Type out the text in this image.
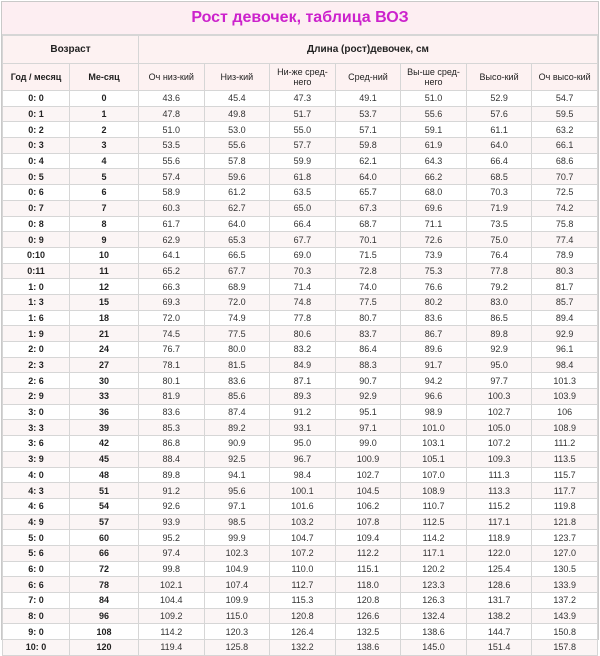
Рост девочек, таблица ВОЗ
Возраст		Длина (рост)девочек, см						
Год / месяц	Ме-сяц	Оч низ-кий	Низ-кий	Ни-же сред-него	Сред-ний	Вы-ше сред-него	Высо-кий	Оч высо-кий
0: 0	0	43.6	45.4	47.3	49.1	51.0	52.9	54.7
0: 1	1	47.8	49.8	51.7	53.7	55.6	57.6	59.5
0: 2	2	51.0	53.0	55.0	57.1	59.1	61.1	63.2
0: 3	3	53.5	55.6	57.7	59.8	61.9	64.0	66.1
0: 4	4	55.6	57.8	59.9	62.1	64.3	66.4	68.6
0: 5	5	57.4	59.6	61.8	64.0	66.2	68.5	70.7
0: 6	6	58.9	61.2	63.5	65.7	68.0	70.3	72.5
0: 7	7	60.3	62.7	65.0	67.3	69.6	71.9	74.2
0: 8	8	61.7	64.0	66.4	68.7	71.1	73.5	75.8
0: 9	9	62.9	65.3	67.7	70.1	72.6	75.0	77.4
0:10	10	64.1	66.5	69.0	71.5	73.9	76.4	78.9
0:11	11	65.2	67.7	70.3	72.8	75.3	77.8	80.3
1: 0	12	66.3	68.9	71.4	74.0	76.6	79.2	81.7
1: 3	15	69.3	72.0	74.8	77.5	80.2	83.0	85.7
1: 6	18	72.0	74.9	77.8	80.7	83.6	86.5	89.4
1: 9	21	74.5	77.5	80.6	83.7	86.7	89.8	92.9
2: 0	24	76.7	80.0	83.2	86.4	89.6	92.9	96.1
2: 3	27	78.1	81.5	84.9	88.3	91.7	95.0	98.4
2: 6	30	80.1	83.6	87.1	90.7	94.2	97.7	101.3
2: 9	33	81.9	85.6	89.3	92.9	96.6	100.3	103.9
3: 0	36	83.6	87.4	91.2	95.1	98.9	102.7	106
3: 3	39	85.3	89.2	93.1	97.1	101.0	105.0	108.9
3: 6	42	86.8	90.9	95.0	99.0	103.1	107.2	111.2
3: 9	45	88.4	92.5	96.7	100.9	105.1	109.3	113.5
4: 0	48	89.8	94.1	98.4	102.7	107.0	111.3	115.7
4: 3	51	91.2	95.6	100.1	104.5	108.9	113.3	117.7
4: 6	54	92.6	97.1	101.6	106.2	110.7	115.2	119.8
4: 9	57	93.9	98.5	103.2	107.8	112.5	117.1	121.8
5: 0	60	95.2	99.9	104.7	109.4	114.2	118.9	123.7
5: 6	66	97.4	102.3	107.2	112.2	117.1	122.0	127.0
6: 0	72	99.8	104.9	110.0	115.1	120.2	125.4	130.5
6: 6	78	102.1	107.4	112.7	118.0	123.3	128.6	133.9
7: 0	84	104.4	109.9	115.3	120.8	126.3	131.7	137.2
8: 0	96	109.2	115.0	120.8	126.6	132.4	138.2	143.9
9: 0	108	114.2	120.3	126.4	132.5	138.6	144.7	150.8
10: 0	120	119.4	125.8	132.2	138.6	145.0	151.4	157.8
